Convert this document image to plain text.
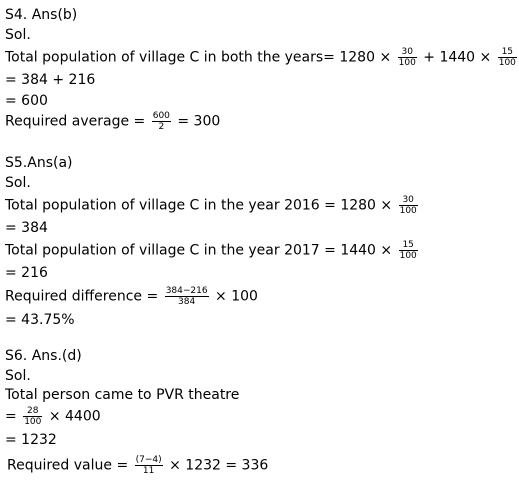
S4. Ans(b)
Sol.
Total population of village C in both the years= $1280 \times \frac{30}{100} + 1440 \times \frac{15}{100}$
= 384 + 216
= 600
Required average = $\frac{600}{2} = 300$
S5.Ans(a)
Sol.
Total population of village C in the year $2016 = 1280 \times \frac{30}{100}$
= 384
Total population of village C in the year $2017 = 1440 \times \frac{15}{100}$
= 216
Required difference = $\frac{384-216}{384} \times 100$
= 43.75%
S6. Ans.(d)
Sol.
Total person came to PVR theatre
= $\frac{28}{100} \times 4400$
= 1232
Required value = $\frac{(7-4)}{11} \times 1232 = 336$
